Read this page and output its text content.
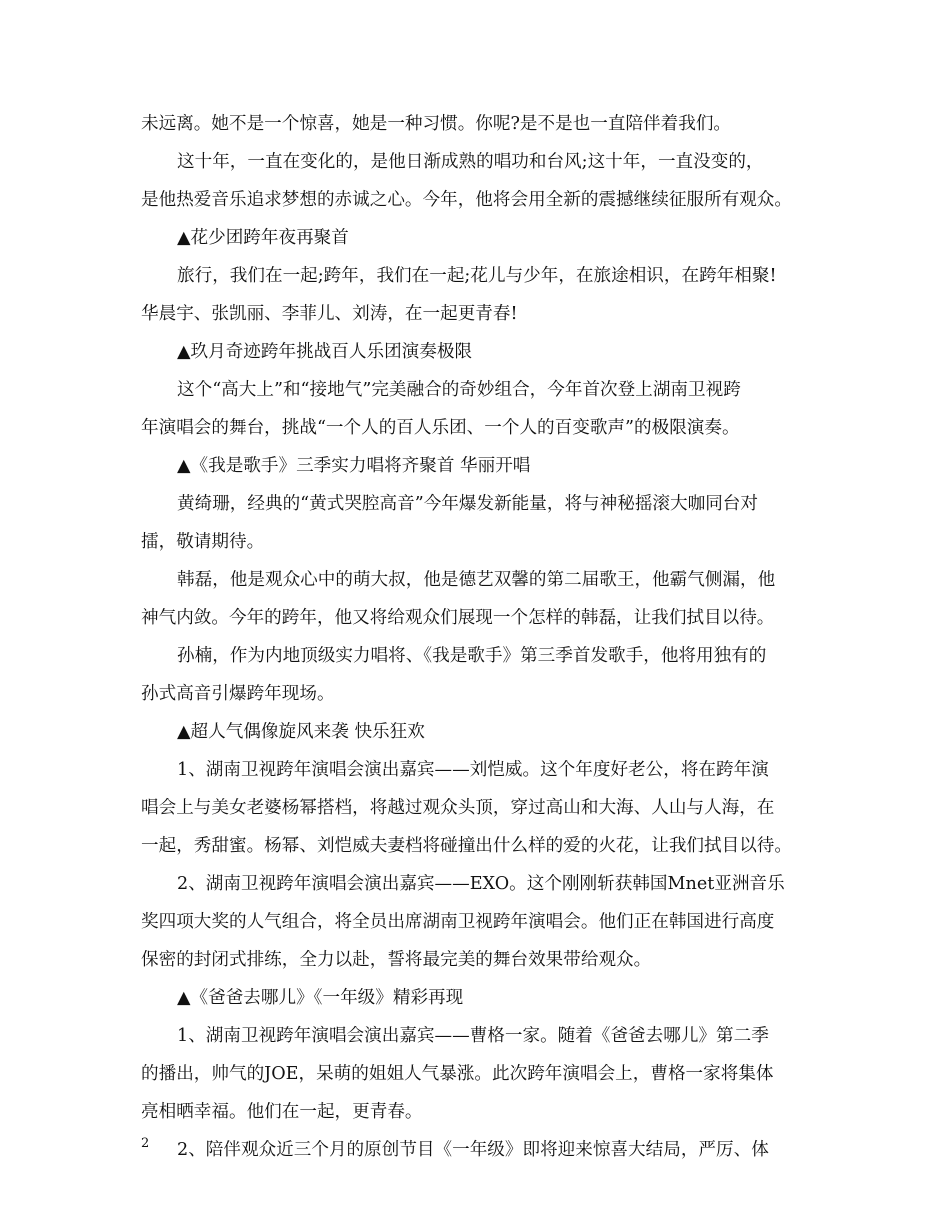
未远离。她不是一个惊喜，她是一种习惯。你呢?是不是也一直陪伴着我们。
这十年，一直在变化的，是他日渐成熟的唱功和台风;这十年，一直没变的，
是他热爱音乐追求梦想的赤诚之心。今年，他将会用全新的震撼继续征服所有观众。
▲花少团跨年夜再聚首
旅行，我们在一起;跨年，我们在一起;花儿与少年，在旅途相识，在跨年相聚!
华晨宇、张凯丽、李菲儿、刘涛，在一起更青春!
▲玖月奇迹跨年挑战百人乐团演奏极限
这个“高大上”和“接地气”完美融合的奇妙组合，今年首次登上湖南卫视跨
年演唱会的舞台，挑战“一个人的百人乐团、一个人的百变歌声”的极限演奏。
▲《我是歌手》三季实力唱将齐聚首 华丽开唱
黄绮珊，经典的“黄式哭腔高音”今年爆发新能量，将与神秘摇滚大咖同台对
擂，敬请期待。
韩磊，他是观众心中的萌大叔，他是德艺双馨的第二届歌王，他霸气侧漏，他
神气内敛。今年的跨年，他又将给观众们展现一个怎样的韩磊，让我们拭目以待。
孙楠，作为内地顶级实力唱将、《我是歌手》第三季首发歌手，他将用独有的
孙式高音引爆跨年现场。
▲超人气偶像旋风来袭 快乐狂欢
1、湖南卫视跨年演唱会演出嘉宾——刘恺威。这个年度好老公，将在跨年演
唱会上与美女老婆杨幂搭档，将越过观众头顶，穿过高山和大海、人山与人海，在
一起，秀甜蜜。杨幂、刘恺威夫妻档将碰撞出什么样的爱的火花，让我们拭目以待。
2、湖南卫视跨年演唱会演出嘉宾——EXO。这个刚刚斩获韩国Mnet亚洲音乐
奖四项大奖的人气组合，将全员出席湖南卫视跨年演唱会。他们正在韩国进行高度
保密的封闭式排练，全力以赴，誓将最完美的舞台效果带给观众。
▲《爸爸去哪儿》《一年级》精彩再现
1、湖南卫视跨年演唱会演出嘉宾——曹格一家。随着《爸爸去哪儿》第二季
的播出，帅气的JOE，呆萌的姐姐人气暴涨。此次跨年演唱会上，曹格一家将集体
亮相晒幸福。他们在一起，更青春。
2、陪伴观众近三个月的原创节目《一年级》即将迎来惊喜大结局，严厉、体
2
